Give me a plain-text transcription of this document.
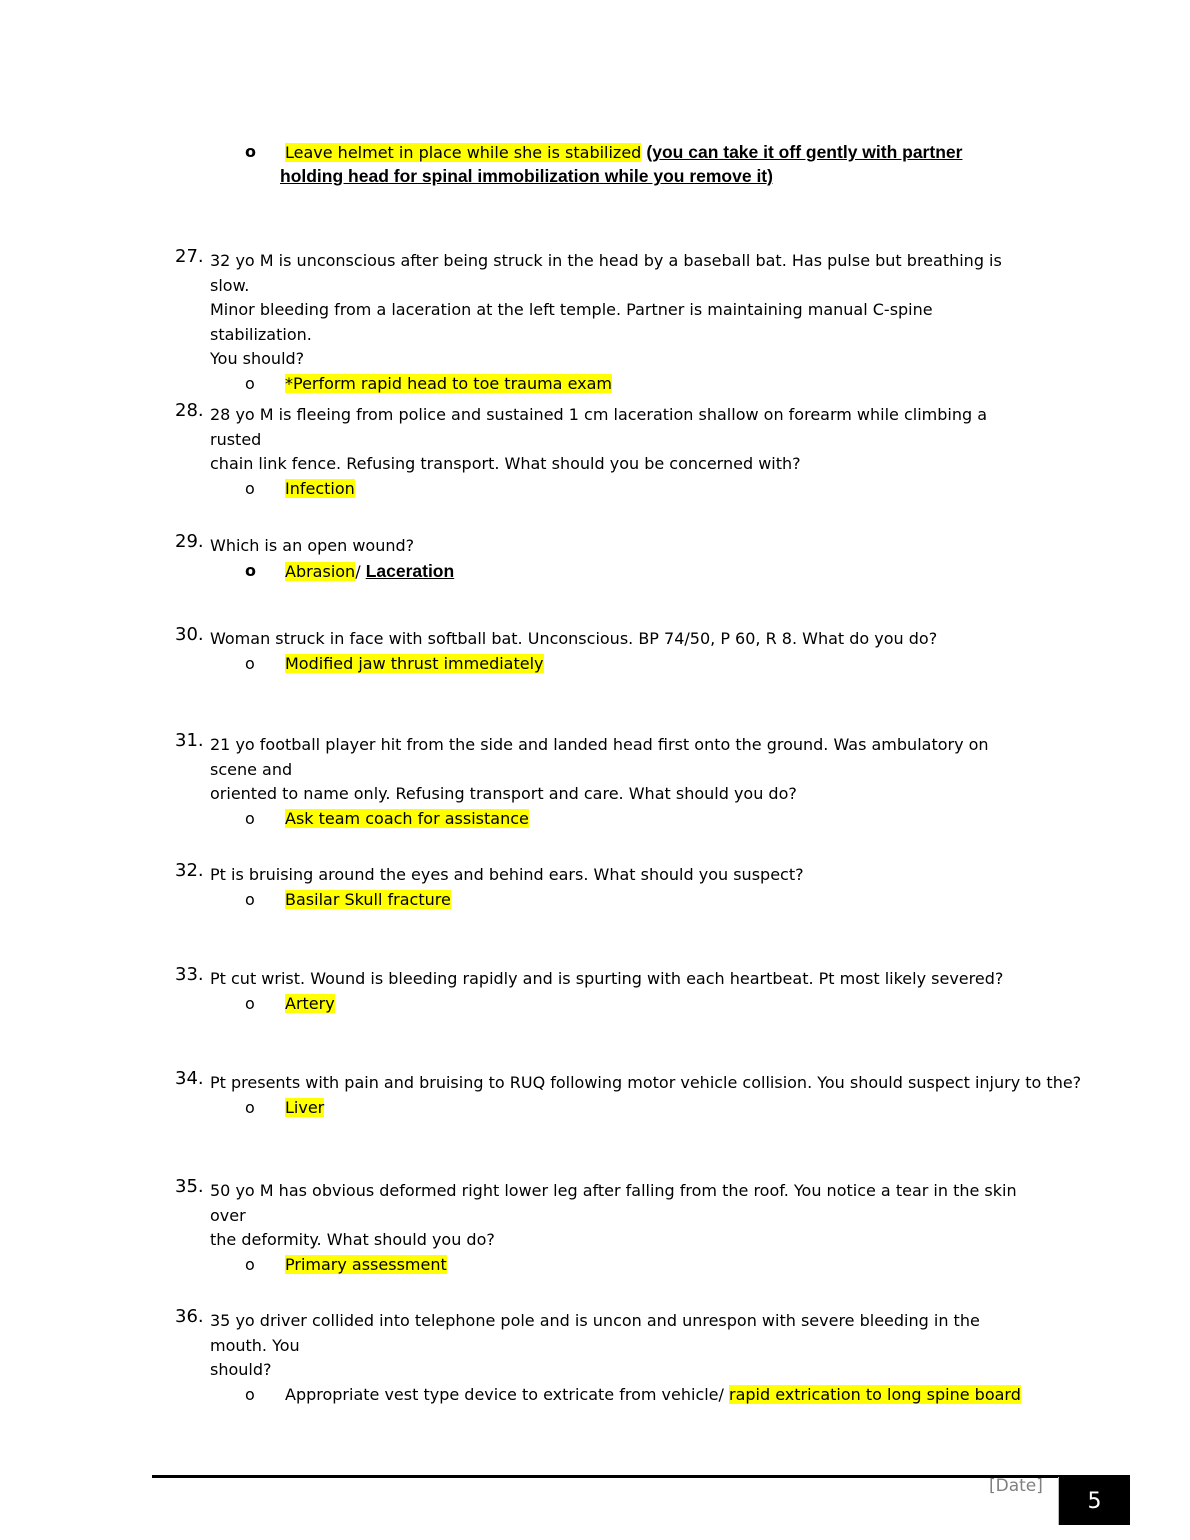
o Leave helmet in place while she is stabilized (you can take it off gently with partner
holding head for spinal immobilization while you remove it)
27. 32 yo M is unconscious after being struck in the head by a baseball bat. Has pulse but breathing is slow.
Minor bleeding from a laceration at the left temple. Partner is maintaining manual C-spine stabilization.
You should?
o *Perform rapid head to toe trauma exam
28. 28 yo M is fleeing from police and sustained 1 cm laceration shallow on forearm while climbing a rusted
chain link fence. Refusing transport. What should you be concerned with?
o Infection
29. Which is an open wound?
o Abrasion/ Laceration
30. Woman struck in face with softball bat. Unconscious. BP 74/50, P 60, R 8. What do you do?
o Modified jaw thrust immediately
31. 21 yo football player hit from the side and landed head first onto the ground. Was ambulatory on scene and
oriented to name only. Refusing transport and care. What should you do?
o Ask team coach for assistance
32. Pt is bruising around the eyes and behind ears. What should you suspect?
o Basilar Skull fracture
33. Pt cut wrist. Wound is bleeding rapidly and is spurting with each heartbeat. Pt most likely severed?
o Artery
34. Pt presents with pain and bruising to RUQ following motor vehicle collision. You should suspect injury to the?
o Liver
35. 50 yo M has obvious deformed right lower leg after falling from the roof. You notice a tear in the skin over
the deformity. What should you do?
o Primary assessment
36. 35 yo driver collided into telephone pole and is uncon and unrespon with severe bleeding in the mouth. You
should?
o Appropriate vest type device to extricate from vehicle/ rapid extrication to long spine board
[Date]
5
